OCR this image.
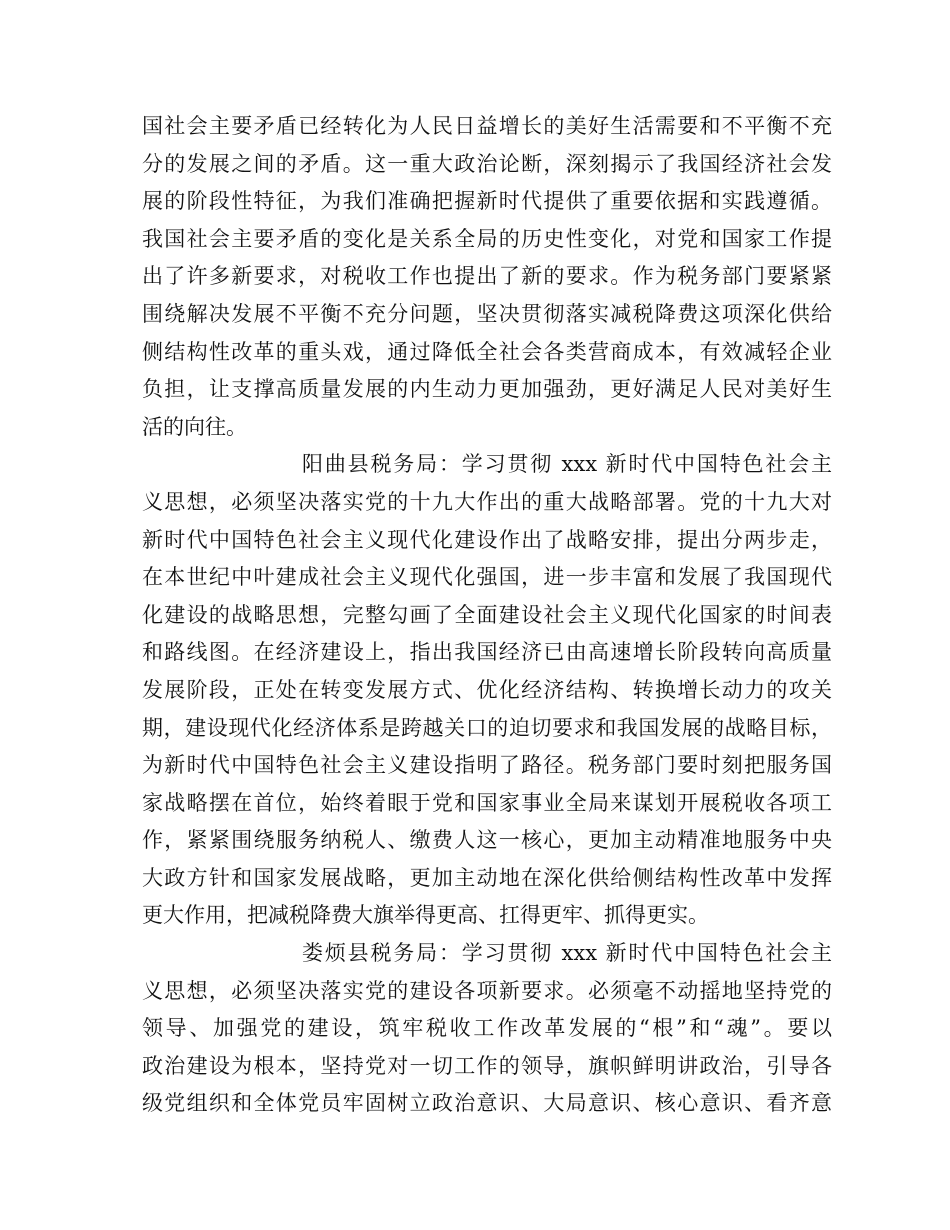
国社会主要矛盾已经转化为人民日益增长的美好生活需要和不平衡不充
分的发展之间的矛盾。这一重大政治论断，深刻揭示了我国经济社会发
展的阶段性特征，为我们准确把握新时代提供了重要依据和实践遵循。
我国社会主要矛盾的变化是关系全局的历史性变化，对党和国家工作提
出了许多新要求，对税收工作也提出了新的要求。作为税务部门要紧紧
围绕解决发展不平衡不充分问题，坚决贯彻落实减税降费这项深化供给
侧结构性改革的重头戏，通过降低全社会各类营商成本，有效减轻企业
负担，让支撑高质量发展的内生动力更加强劲，更好满足人民对美好生
活的向往。
阳曲县税务局：学习贯彻 xxx 新时代中国特色社会主
义思想，必须坚决落实党的十九大作出的重大战略部署。党的十九大对
新时代中国特色社会主义现代化建设作出了战略安排，提出分两步走，
在本世纪中叶建成社会主义现代化强国，进一步丰富和发展了我国现代
化建设的战略思想，完整勾画了全面建设社会主义现代化国家的时间表
和路线图。在经济建设上，指出我国经济已由高速增长阶段转向高质量
发展阶段，正处在转变发展方式、优化经济结构、转换增长动力的攻关
期，建设现代化经济体系是跨越关口的迫切要求和我国发展的战略目标，
为新时代中国特色社会主义建设指明了路径。税务部门要时刻把服务国
家战略摆在首位，始终着眼于党和国家事业全局来谋划开展税收各项工
作，紧紧围绕服务纳税人、缴费人这一核心，更加主动精准地服务中央
大政方针和国家发展战略，更加主动地在深化供给侧结构性改革中发挥
更大作用，把减税降费大旗举得更高、扛得更牢、抓得更实。
娄烦县税务局：学习贯彻 xxx 新时代中国特色社会主
义思想，必须坚决落实党的建设各项新要求。必须毫不动摇地坚持党的
领导、加强党的建设，筑牢税收工作改革发展的“根”和“魂”。要以
政治建设为根本，坚持党对一切工作的领导，旗帜鲜明讲政治，引导各
级党组织和全体党员牢固树立政治意识、大局意识、核心意识、看齐意
